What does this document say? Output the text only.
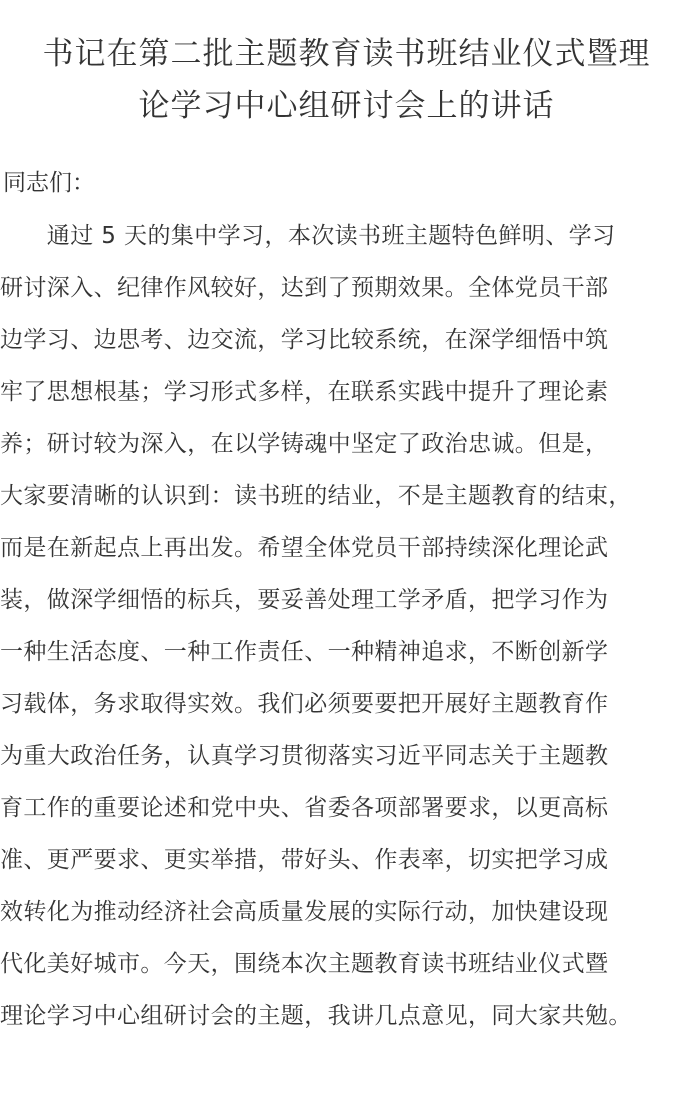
书记在第二批主题教育读书班结业仪式暨理
论学习中心组研讨会上的讲话
同志们：
　　通过 5 天的集中学习，本次读书班主题特色鲜明、学习
研讨深入、纪律作风较好，达到了预期效果。全体党员干部
边学习、边思考、边交流，学习比较系统，在深学细悟中筑
牢了思想根基；学习形式多样，在联系实践中提升了理论素
养；研讨较为深入，在以学铸魂中坚定了政治忠诚。但是，
大家要清晰的认识到：读书班的结业，不是主题教育的结束，
而是在新起点上再出发。希望全体党员干部持续深化理论武
装，做深学细悟的标兵，要妥善处理工学矛盾，把学习作为
一种生活态度、一种工作责任、一种精神追求，不断创新学
习载体，务求取得实效。我们必须要要把开展好主题教育作
为重大政治任务，认真学习贯彻落实习近平同志关于主题教
育工作的重要论述和党中央、省委各项部署要求，以更高标
准、更严要求、更实举措，带好头、作表率，切实把学习成
效转化为推动经济社会高质量发展的实际行动，加快建设现
代化美好城市。今天，围绕本次主题教育读书班结业仪式暨
理论学习中心组研讨会的主题，我讲几点意见，同大家共勉。
